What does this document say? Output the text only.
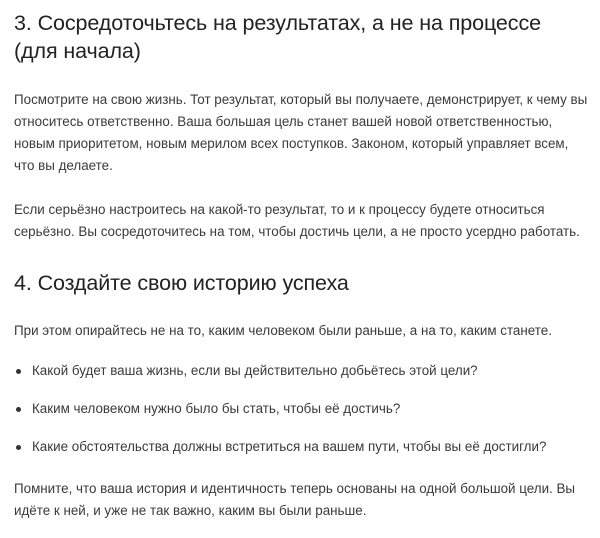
3. Сосредоточьтесь на результатах, а не на процессе (для начала)

Посмотрите на свою жизнь. Тот результат, который вы получаете, демонстрирует, к чему вы относитесь ответственно. Ваша большая цель станет вашей новой ответственностью, новым приоритетом, новым мерилом всех поступков. Законом, который управляет всем, что вы делаете.

Если серьёзно настроитесь на какой-то результат, то и к процессу будете относиться серьёзно. Вы сосредоточитесь на том, чтобы достичь цели, а не просто усердно работать.

4. Создайте свою историю успеха

При этом опирайтесь не на то, каким человеком были раньше, а на то, каким станете.

Какой будет ваша жизнь, если вы действительно добьётесь этой цели?
Каким человеком нужно было бы стать, чтобы её достичь?
Какие обстоятельства должны встретиться на вашем пути, чтобы вы её достигли?

Помните, что ваша история и идентичность теперь основаны на одной большой цели. Вы идёте к ней, и уже не так важно, каким вы были раньше.
